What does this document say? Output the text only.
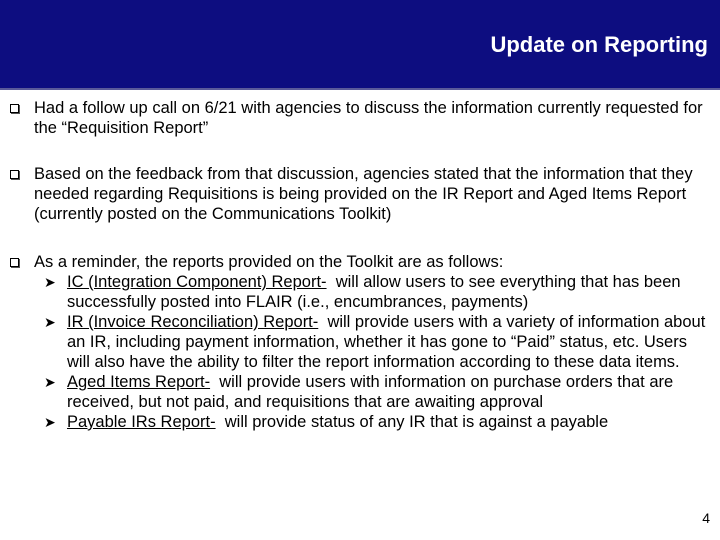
Update on Reporting
Had a follow up call on 6/21 with agencies to discuss the information currently requested for the “Requisition Report”
Based on the feedback from that discussion, agencies stated that the information that they needed regarding Requisitions is being provided on the IR Report and Aged Items Report (currently posted on the Communications Toolkit)
As a reminder, the reports provided on the Toolkit are as follows:
➤ IC (Integration Component) Report- will allow users to see everything that has been successfully posted into FLAIR (i.e., encumbrances, payments)
➤ IR (Invoice Reconciliation) Report- will provide users with a variety of information about an IR, including payment information, whether it has gone to “Paid” status, etc. Users will also have the ability to filter the report information according to these data items.
➤ Aged Items Report- will provide users with information on purchase orders that are received, but not paid, and requisitions that are awaiting approval
➤ Payable IRs Report- will provide status of any IR that is against a payable
4
